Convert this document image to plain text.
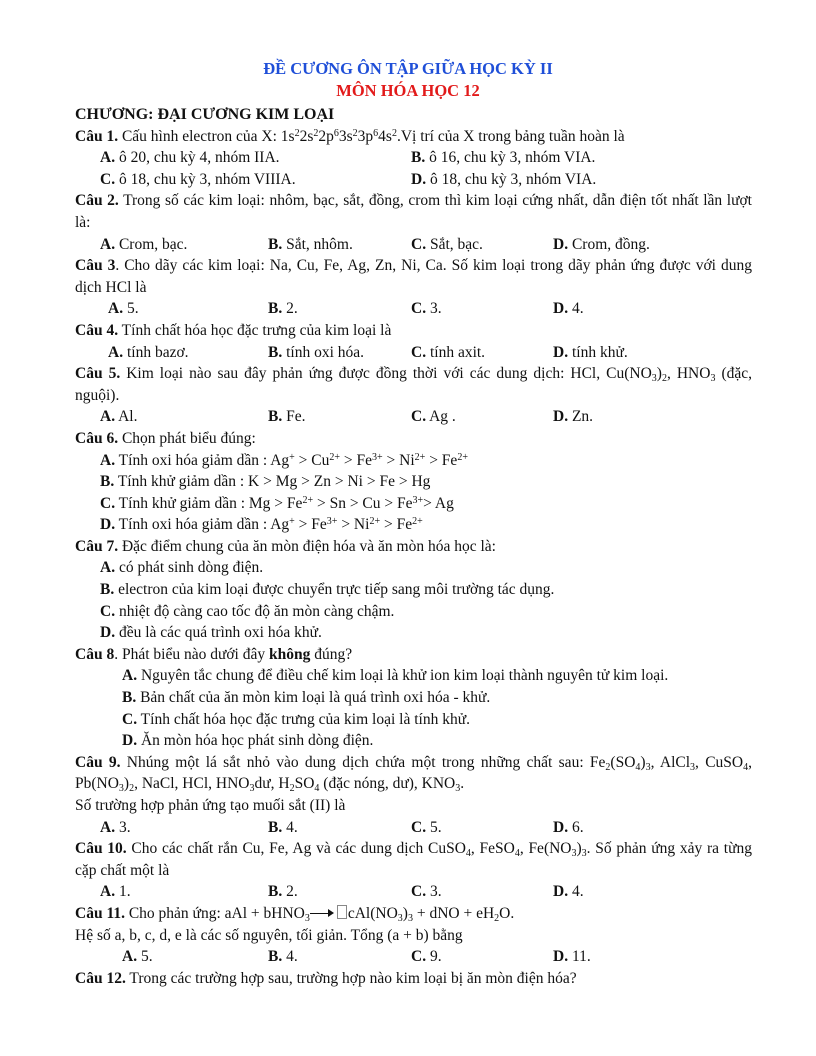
ĐỀ CƯƠNG ÔN TẬP GIỮA HỌC KỲ II
MÔN HÓA HỌC 12
CHƯƠNG: ĐẠI CƯƠNG KIM LOẠI
Câu 1. Cấu hình electron của X: $1s^22s^22p^63s^23p^64s^2.Vị$ trí của X trong bảng tuần hoàn là
A. ô 20, chu kỳ 4, nhóm IIA.	B. ô 16, chu kỳ 3, nhóm VIA.
C. ô 18, chu kỳ 3, nhóm VIIIA.	D. ô 18, chu kỳ 3, nhóm VIA.
Câu 2. Trong số các kim loại: nhôm, bạc, sắt, đồng, crom thì kim loại cứng nhất, dẫn điện tốt nhất lần lượt là:
A. Crom, bạc.	B. Sắt, nhôm.	C. Sắt, bạc.	D. Crom, đồng.
Câu 3. Cho dãy các kim loại: Na, Cu, Fe, Ag, Zn, Ni, Ca. Số kim loại trong dãy phản ứng được với dung dịch HCl là
A. 5.	B. 2.	C. 3.	D. 4.
Câu 4. Tính chất hóa học đặc trưng của kim loại là
A. tính bazơ.	B. tính oxi hóa.	C. tính axit.	D. tính khử.
Câu 5. Kim loại nào sau đây phản ứng được đồng thời với các dung dịch: HCl, $Cu(NO_3)_2$, $HNO_3$ (đặc, nguội).
A. Al.	B. Fe.	C. Ag .	D. Zn.
Câu 6. Chọn phát biểu đúng:
A. Tính oxi hóa giảm dần : $Ag^+ > Cu^{2+} > Fe^{3+} > Ni^{2+} > Fe^{2+}$
B. Tính khử giảm dần : K > Mg > Zn > Ni > Fe > Hg
C. Tính khử giảm dần : $Mg > Fe^{2+} > Sn > Cu > Fe^{3+}> Ag$
D. Tính oxi hóa giảm dần : $Ag^+ > Fe^{3+} > Ni^{2+} > Fe^{2+}$
Câu 7. Đặc điểm chung của ăn mòn điện hóa và ăn mòn hóa học là:
A. có phát sinh dòng điện.
B. electron của kim loại được chuyển trực tiếp sang môi trường tác dụng.
C. nhiệt độ càng cao tốc độ ăn mòn càng chậm.
D. đều là các quá trình oxi hóa khử.
Câu 8. Phát biểu nào dưới đây không đúng?
A. Nguyên tắc chung để điều chế kim loại là khử ion kim loại thành nguyên tử kim loại.
B. Bản chất của ăn mòn kim loại là quá trình oxi hóa - khử.
C. Tính chất hóa học đặc trưng của kim loại là tính khử.
D. Ăn mòn hóa học phát sinh dòng điện.
Câu 9. Nhúng một lá sắt nhỏ vào dung dịch chứa một trong những chất sau: $Fe_2(SO_4)_3$, AlCl$_3$, CuSO$_4$, $Pb(NO_3)_2$, NaCl, HCl, $HNO_3dư$, $H_2SO_4$ (đặc nóng, dư), $KNO_3$.
Số trường hợp phản ứng tạo muối sắt (II) là
A. 3.	B. 4.	C. 5.	D. 6.
Câu 10. Cho các chất rắn Cu, Fe, Ag và các dung dịch CuSO$_4$, FeSO$_4$, $Fe(NO_3)_3$. Số phản ứng xảy ra từng cặp chất một là
A. 1.	B. 2.	C. 3.	D. 4.
Câu 11. Cho phản ứng: aAl + bHNO$_3$ $cAl(NO_3)_3$ + dNO + $eH_2O$.
Hệ số a, b, c, d, e là các số nguyên, tối giản. Tổng (a + b) bằng
A. 5.	B. 4.	C. 9.	D. 11.
Câu 12. Trong các trường hợp sau, trường hợp nào kim loại bị ăn mòn điện hóa?
